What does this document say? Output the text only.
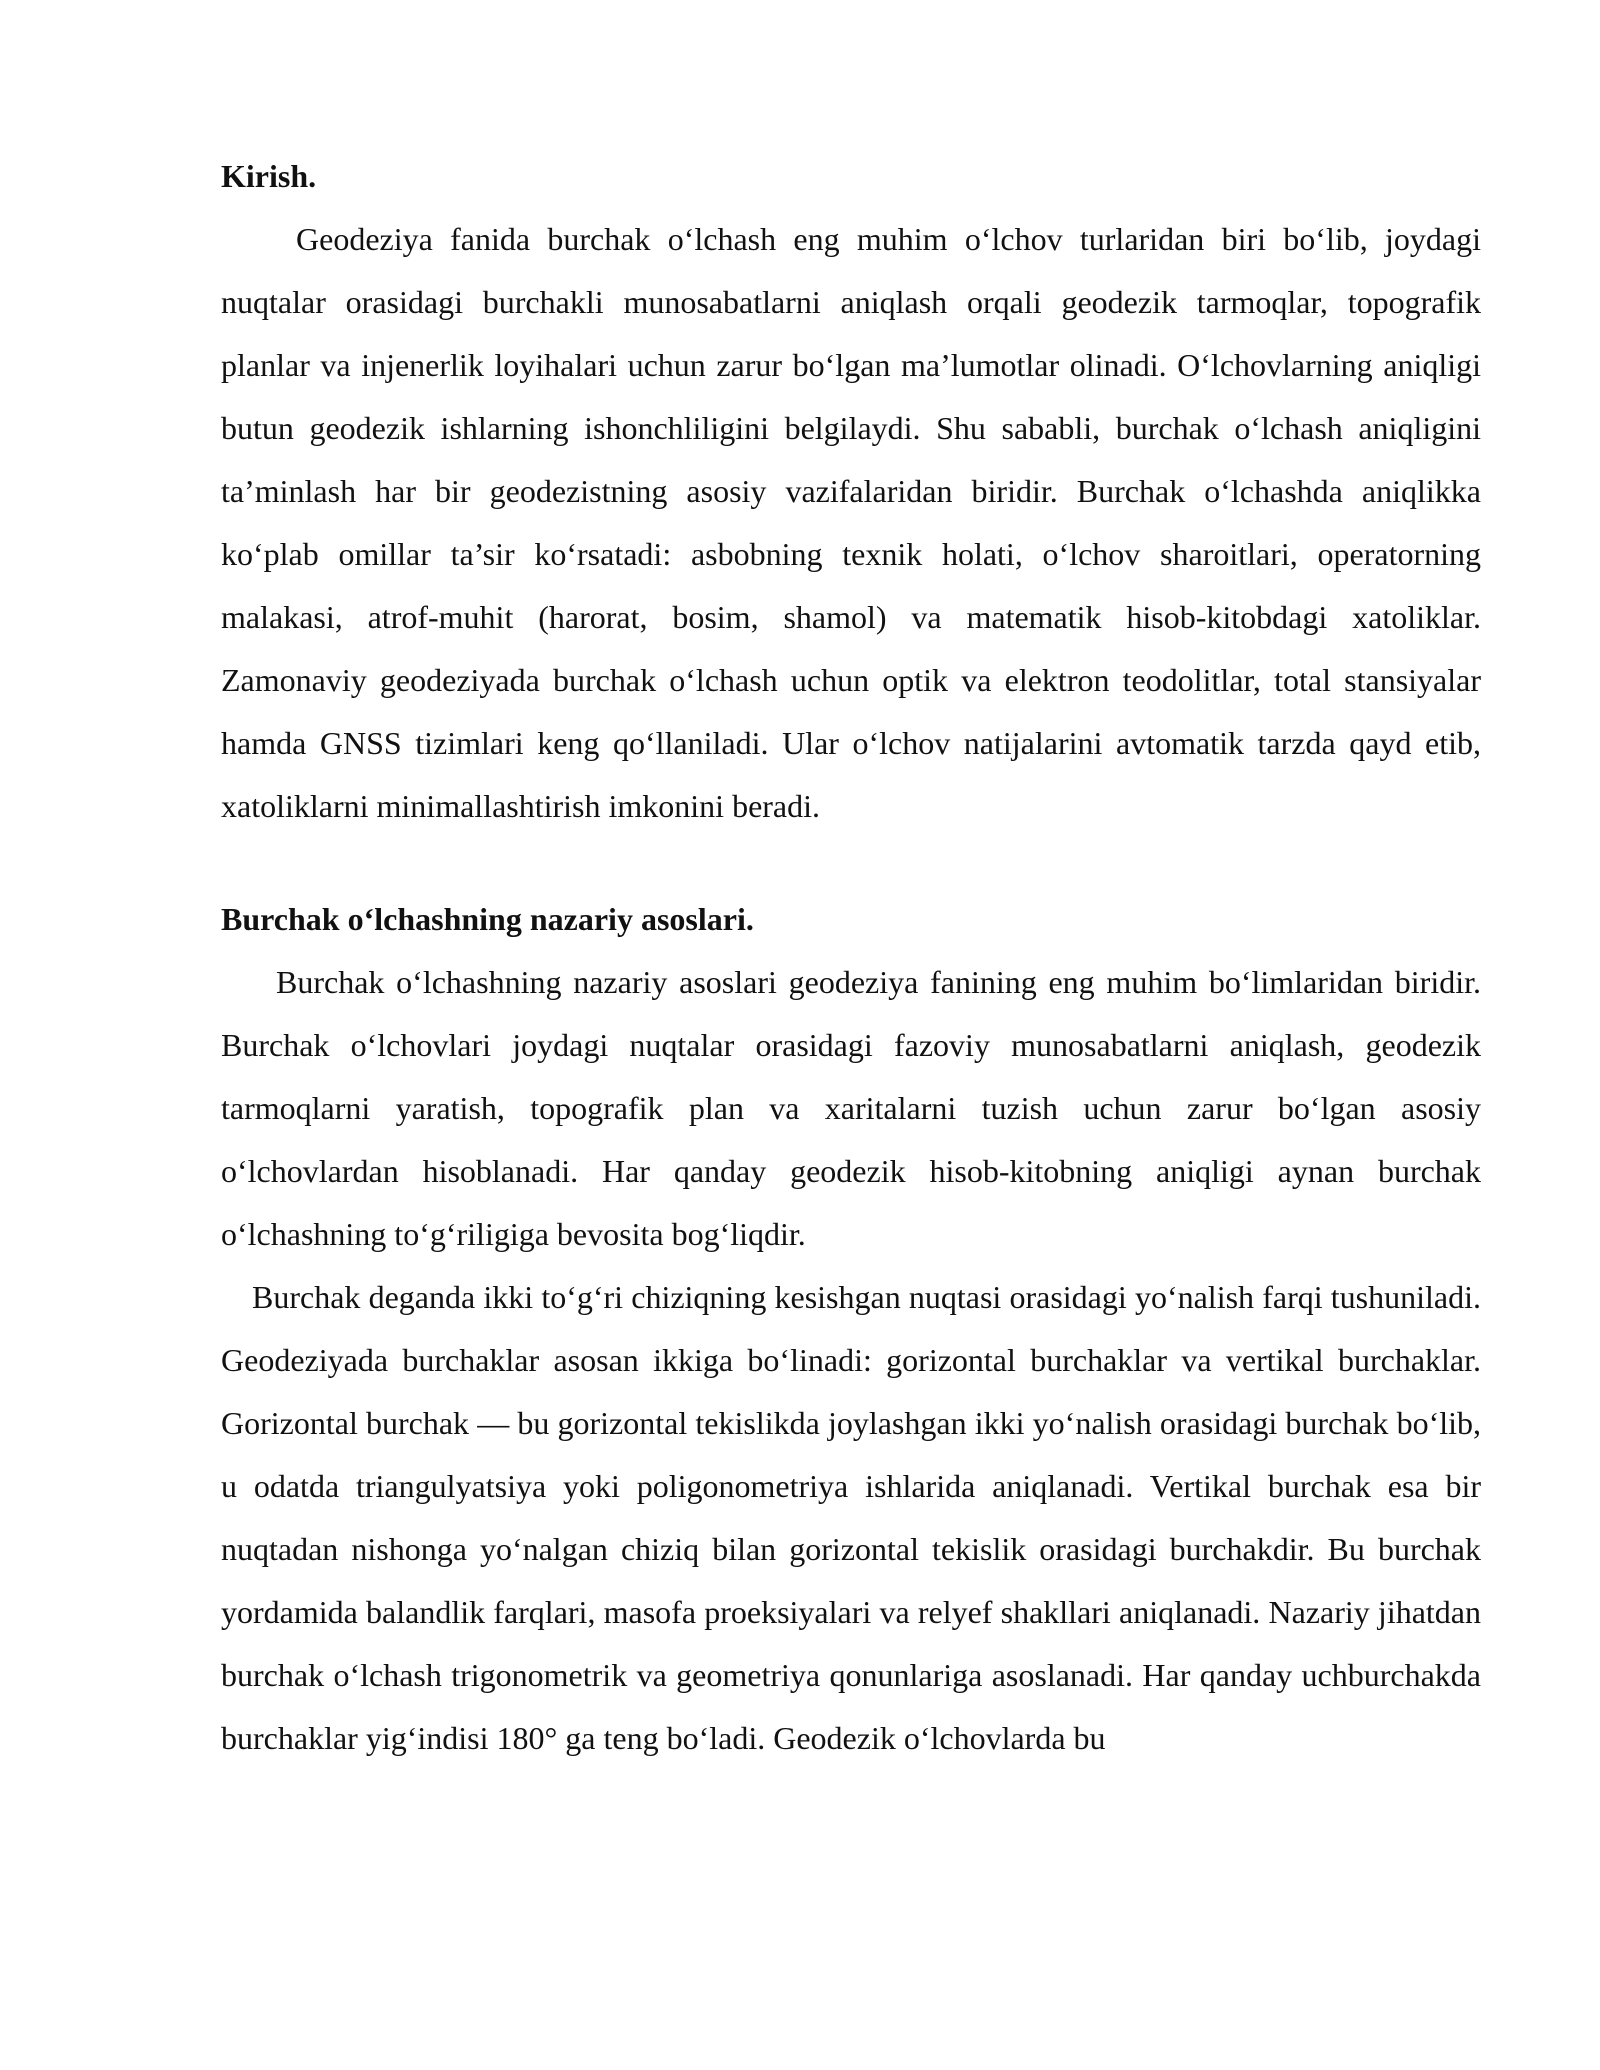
Kirish.

Geodeziya fanida burchak o‘lchash eng muhim o‘lchov turlaridan biri bo‘lib, joydagi nuqtalar orasidagi burchakli munosabatlarni aniqlash orqali geodezik tarmoqlar, topografik planlar va injenerlik loyihalari uchun zarur bo‘lgan ma’lumotlar olinadi. O‘lchovlarning aniqligi butun geodezik ishlarning ishonchliligini belgilaydi. Shu sababli, burchak o‘lchash aniqligini ta’minlash har bir geodezistning asosiy vazifalaridan biridir. Burchak o‘lchashda aniqlikka ko‘plab omillar ta’sir ko‘rsatadi: asbobning texnik holati, o‘lchov sharoitlari, operatorning malakasi, atrof-muhit (harorat, bosim, shamol) va matematik hisob-kitobdagi xatoliklar. Zamonaviy geodeziyada burchak o‘lchash uchun optik va elektron teodolitlar, total stansiyalar hamda GNSS tizimlari keng qo‘llaniladi. Ular o‘lchov natijalarini avtomatik tarzda qayd etib, xatoliklarni minimallashtirish imkonini beradi.

Burchak o‘lchashning nazariy asoslari.

Burchak o‘lchashning nazariy asoslari geodeziya fanining eng muhim bo‘limlaridan biridir. Burchak o‘lchovlari joydagi nuqtalar orasidagi fazoviy munosabatlarni aniqlash, geodezik tarmoqlarni yaratish, topografik plan va xaritalarni tuzish uchun zarur bo‘lgan asosiy o‘lchovlardan hisoblanadi. Har qanday geodezik hisob-kitobning aniqligi aynan burchak o‘lchashning to‘g‘riligiga bevosita bog‘liqdir.

Burchak deganda ikki to‘g‘ri chiziqning kesishgan nuqtasi orasidagi yo‘nalish farqi tushuniladi. Geodeziyada burchaklar asosan ikkiga bo‘linadi: gorizontal burchaklar va vertikal burchaklar. Gorizontal burchak — bu gorizontal tekislikda joylashgan ikki yo‘nalish orasidagi burchak bo‘lib, u odatda triangulyatsiya yoki poligonometriya ishlarida aniqlanadi. Vertikal burchak esa bir nuqtadan nishonga yo‘nalgan chiziq bilan gorizontal tekislik orasidagi burchakdir. Bu burchak yordamida balandlik farqlari, masofa proeksiyalari va relyef shakllari aniqlanadi. Nazariy jihatdan burchak o‘lchash trigonometrik va geometriya qonunlariga asoslanadi. Har qanday uchburchakda burchaklar yig‘indisi 180° ga teng bo‘ladi. Geodezik o‘lchovlarda bu
